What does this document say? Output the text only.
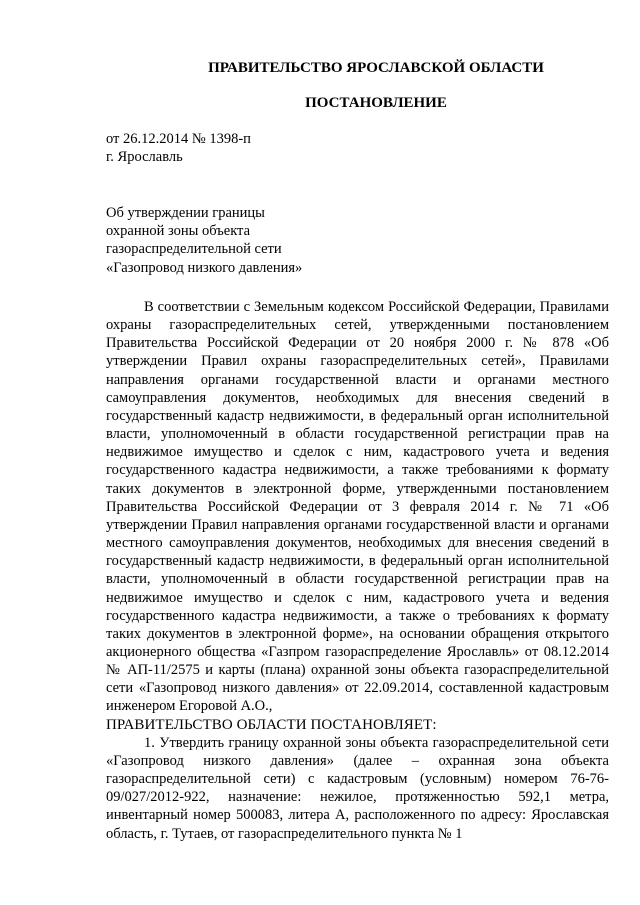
ПРАВИТЕЛЬСТВО ЯРОСЛАВСКОЙ ОБЛАСТИ
ПОСТАНОВЛЕНИЕ
от 26.12.2014 № 1398-п
г. Ярославль
Об утверждении границы
охранной зоны объекта
газораспределительной сети
«Газопровод низкого давления»

В соответствии с Земельным кодексом Российской Федерации, Правилами охраны газораспределительных сетей, утвержденными постановлением Правительства Российской Федерации от 20 ноября 2000 г. № 878 «Об утверждении Правил охраны газораспределительных сетей», Правилами направления органами государственной власти и органами местного самоуправления документов, необходимых для внесения сведений в государственный кадастр недвижимости, в федеральный орган исполнительной власти, уполномоченный в области государственной регистрации прав на недвижимое имущество и сделок с ним, кадастрового учета и ведения государственного кадастра недвижимости, а также требованиями к формату таких документов в электронной форме, утвержденными постановлением Правительства Российской Федерации от 3 февраля 2014 г. № 71 «Об утверждении Правил направления органами государственной власти и органами местного самоуправления документов, необходимых для внесения сведений в государственный кадастр недвижимости, в федеральный орган исполнительной власти, уполномоченный в области государственной регистрации прав на недвижимое имущество и сделок с ним, кадастрового учета и ведения государственного кадастра недвижимости, а также о требованиях к формату таких документов в электронной форме», на основании обращения открытого акционерного общества «Газпром газораспределение Ярославль» от 08.12.2014 № АП-11/2575 и карты (плана) охранной зоны объекта газораспределительной сети «Газопровод низкого давления» от 22.09.2014, составленной кадастровым инженером Егоровой А.О.,

ПРАВИТЕЛЬСТВО ОБЛАСТИ ПОСТАНОВЛЯЕТ:

1. Утвердить границу охранной зоны объекта газораспределительной сети «Газопровод низкого давления» (далее – охранная зона объекта газораспределительной сети) с кадастровым (условным) номером 76-76-09/027/2012-922, назначение: нежилое, протяженностью 592,1 метра, инвентарный номер 500083, литера А, расположенного по адресу: Ярославская область, г. Тутаев, от газораспределительного пункта № 1
